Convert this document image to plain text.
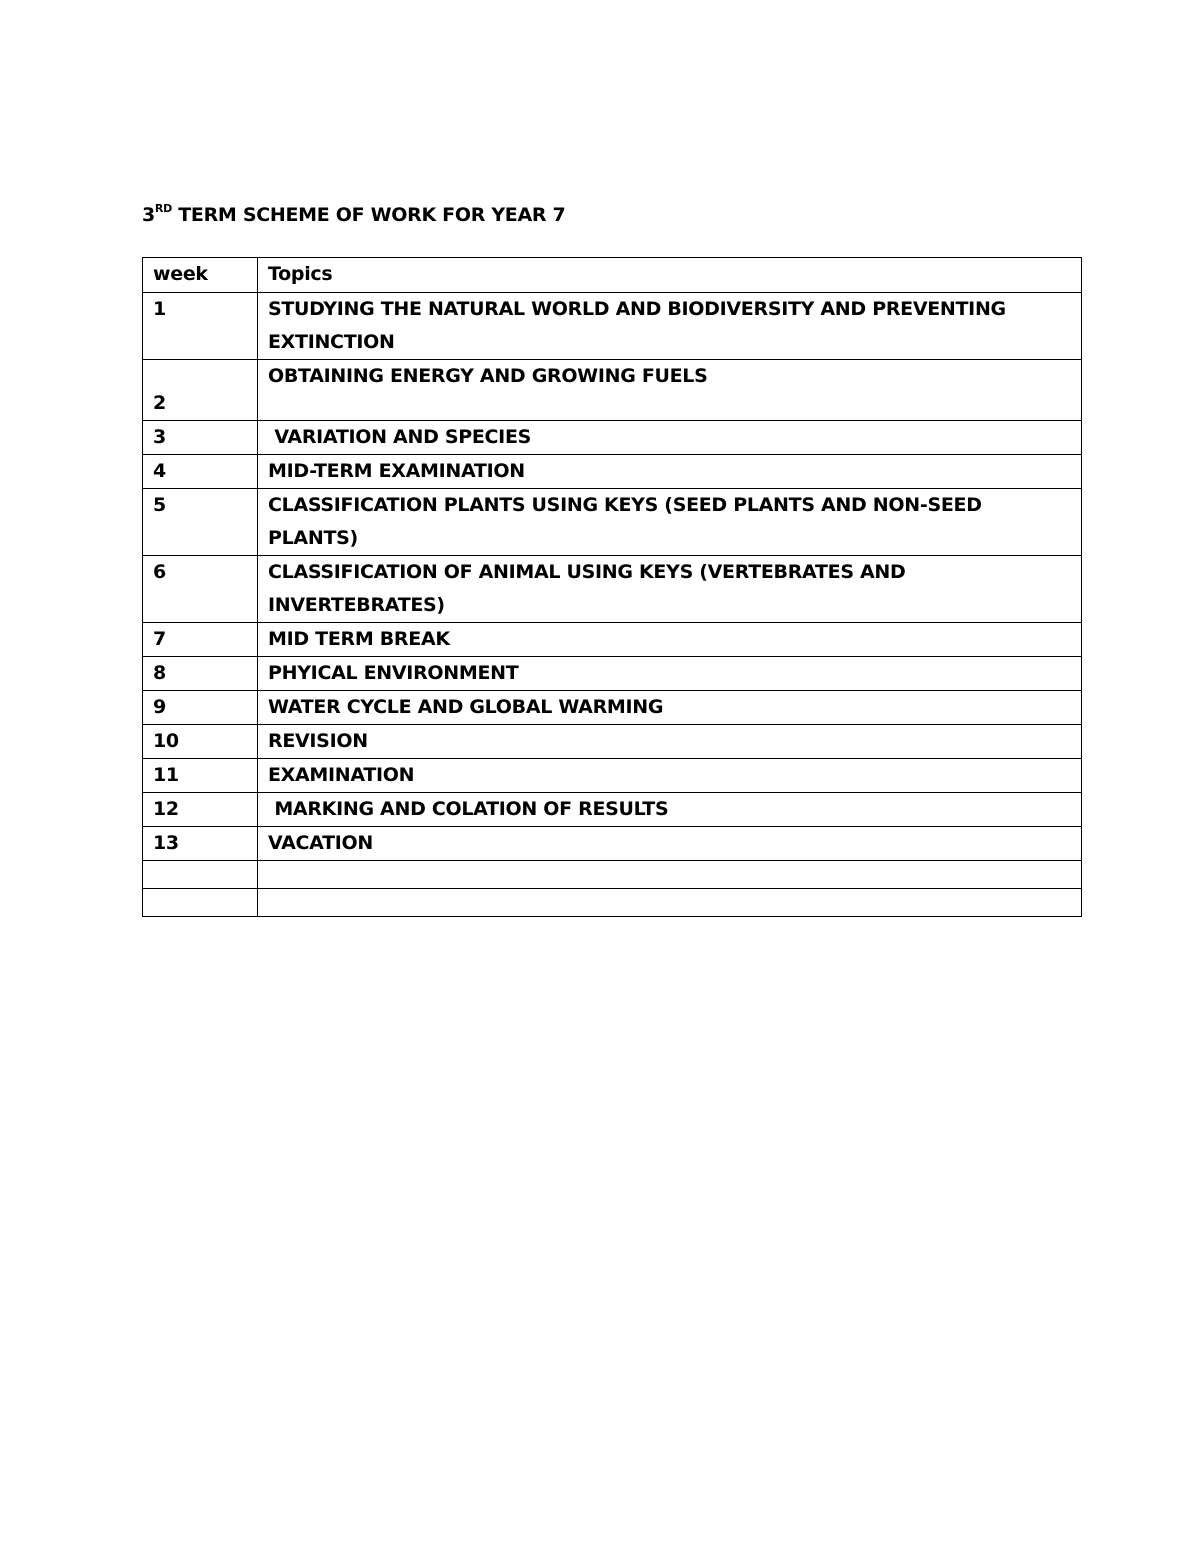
3RD TERM SCHEME OF WORK FOR YEAR 7
week	Topics
1	STUDYING THE NATURAL WORLD AND BIODIVERSITY AND PREVENTING EXTINCTION
2	OBTAINING ENERGY AND GROWING FUELS
3	VARIATION AND SPECIES
4	MID-TERM EXAMINATION
5	CLASSIFICATION PLANTS USING KEYS (SEED PLANTS AND NON-SEED PLANTS)
6	CLASSIFICATION OF ANIMAL USING KEYS (VERTEBRATES AND INVERTEBRATES)
7	MID TERM BREAK
8	PHYICAL ENVIRONMENT
9	WATER CYCLE AND GLOBAL WARMING
10	REVISION
11	EXAMINATION
12	MARKING AND COLATION OF RESULTS
13	VACATION
